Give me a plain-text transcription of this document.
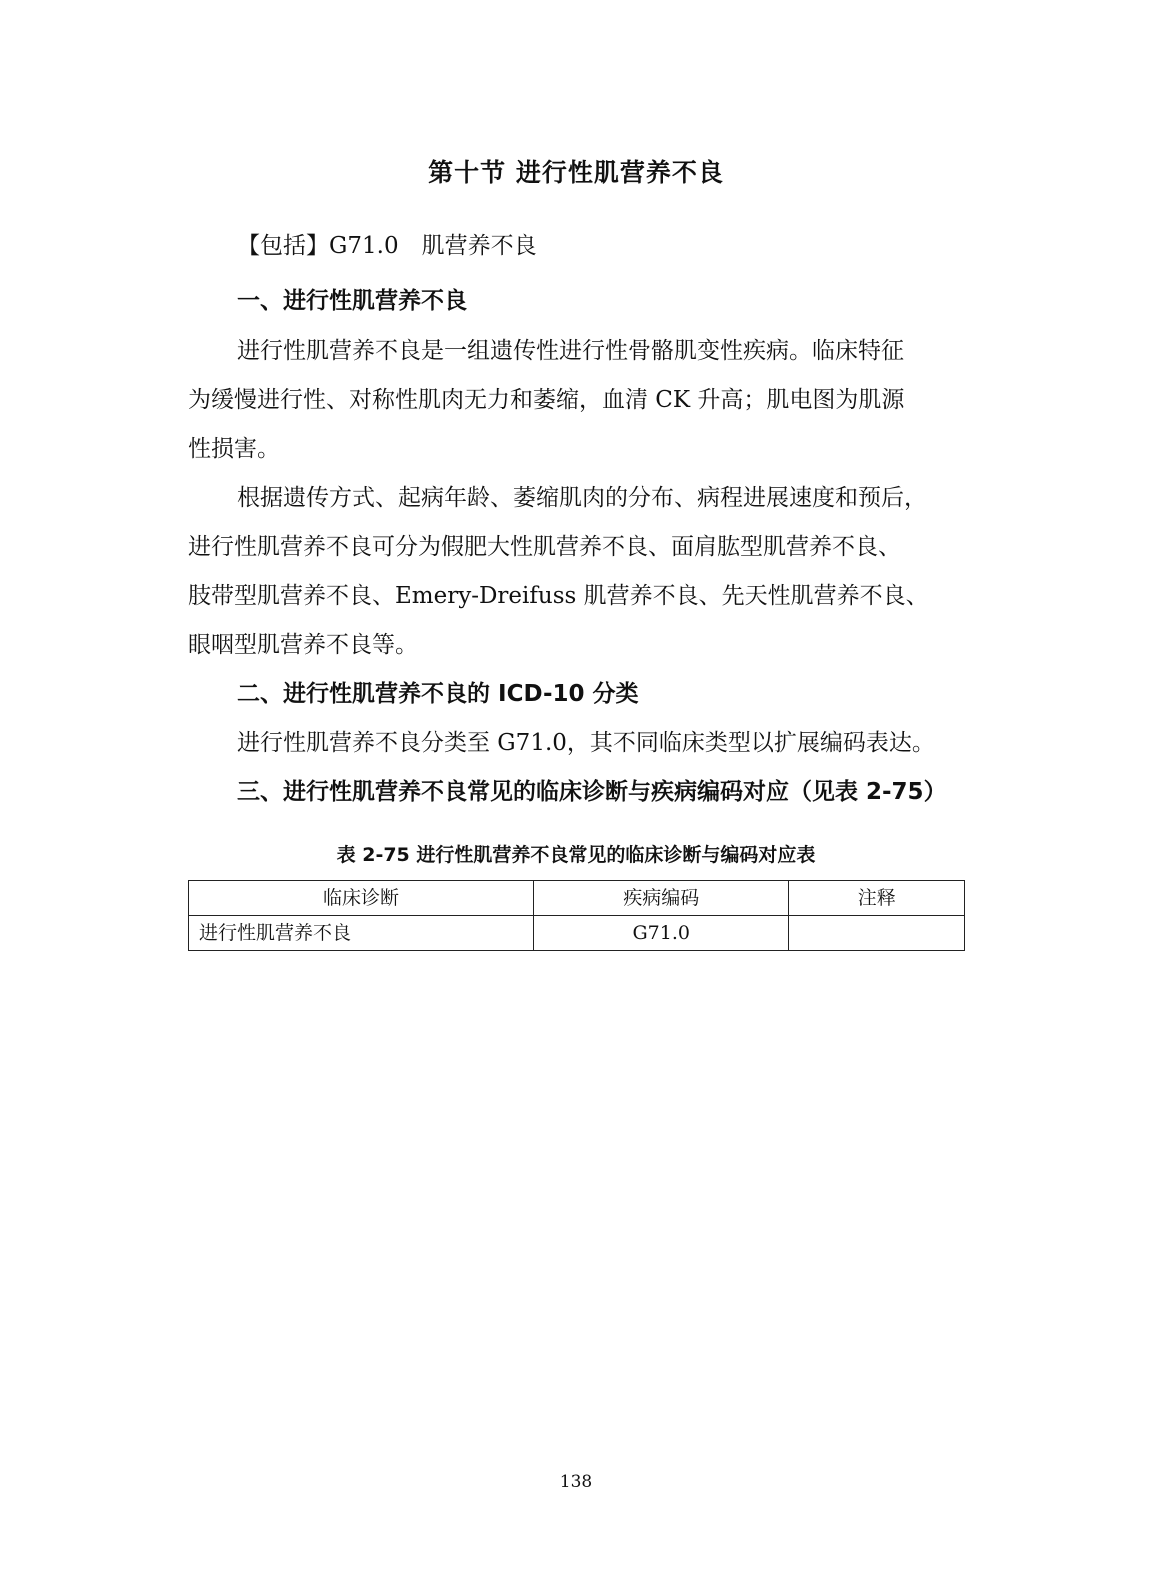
第十节 进行性肌营养不良
【包括】G71.0　肌营养不良
一、进行性肌营养不良
进行性肌营养不良是一组遗传性进行性骨骼肌变性疾病。临床特征
为缓慢进行性、对称性肌肉无力和萎缩，血清 CK 升高；肌电图为肌源
性损害。
根据遗传方式、起病年龄、萎缩肌肉的分布、病程进展速度和预后，
进行性肌营养不良可分为假肥大性肌营养不良、面肩肱型肌营养不良、
肢带型肌营养不良、Emery-Dreifuss 肌营养不良、先天性肌营养不良、
眼咽型肌营养不良等。
二、进行性肌营养不良的 ICD-10 分类
进行性肌营养不良分类至 G71.0，其不同临床类型以扩展编码表达。
三、进行性肌营养不良常见的临床诊断与疾病编码对应（见表 2-75）
表 2-75 进行性肌营养不良常见的临床诊断与编码对应表
临床诊断	疾病编码	注释
进行性肌营养不良	G71.0	
138
